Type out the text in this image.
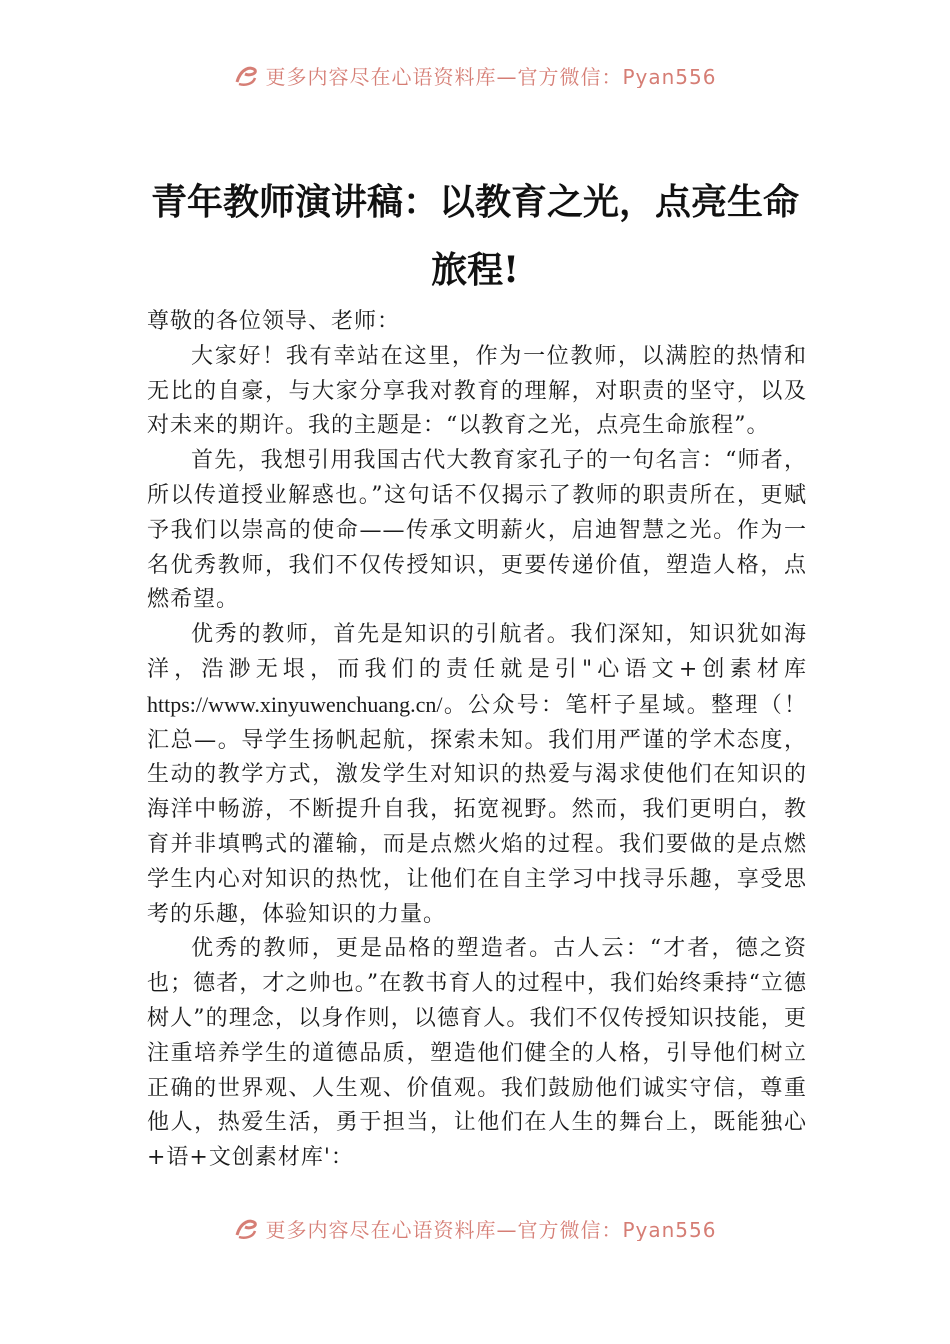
更多内容尽在心语资料库—官方微信：Pyan556
青年教师演讲稿：以教育之光，点亮生命
旅程!

尊敬的各位领导、老师：

大家好！我有幸站在这里，作为一位教师，以满腔的热情和无比的自豪，与大家分享我对教育的理解，对职责的坚守，以及对未来的期许。我的主题是：“以教育之光，点亮生命旅程”。

首先，我想引用我国古代大教育家孔子的一句名言：“师者，所以传道授业解惑也。”这句话不仅揭示了教师的职责所在，更赋予我们以崇高的使命——传承文明薪火，启迪智慧之光。作为一名优秀教师，我们不仅传授知识，更要传递价值，塑造人格，点燃希望。

优秀的教师，首先是知识的引航者。我们深知，知识犹如海洋，浩渺无垠，而我们的责任就是引"心语文+创素材库https://www.xinyuwenchuang.cn/。公众号：笔杆子星域。整理（！汇总—。导学生扬帆起航，探索未知。我们用严谨的学术态度，生动的教学方式，激发学生对知识的热爱与渴求使他们在知识的海洋中畅游，不断提升自我，拓宽视野。然而，我们更明白，教育并非填鸭式的灌输，而是点燃火焰的过程。我们要做的是点燃学生内心对知识的热忱，让他们在自主学习中找寻乐趣，享受思考的乐趣，体验知识的力量。

优秀的教师，更是品格的塑造者。古人云：“才者，德之资也；德者，才之帅也。”在教书育人的过程中，我们始终秉持“立德树人”的理念，以身作则，以德育人。我们不仅传授知识技能，更注重培养学生的道德品质，塑造他们健全的人格，引导他们树立正确的世界观、人生观、价值观。我们鼓励他们诚实守信，尊重他人，热爱生活，勇于担当，让他们在人生的舞台上，既能独心+语+文创素材库'：

更多内容尽在心语资料库—官方微信：Pyan556
